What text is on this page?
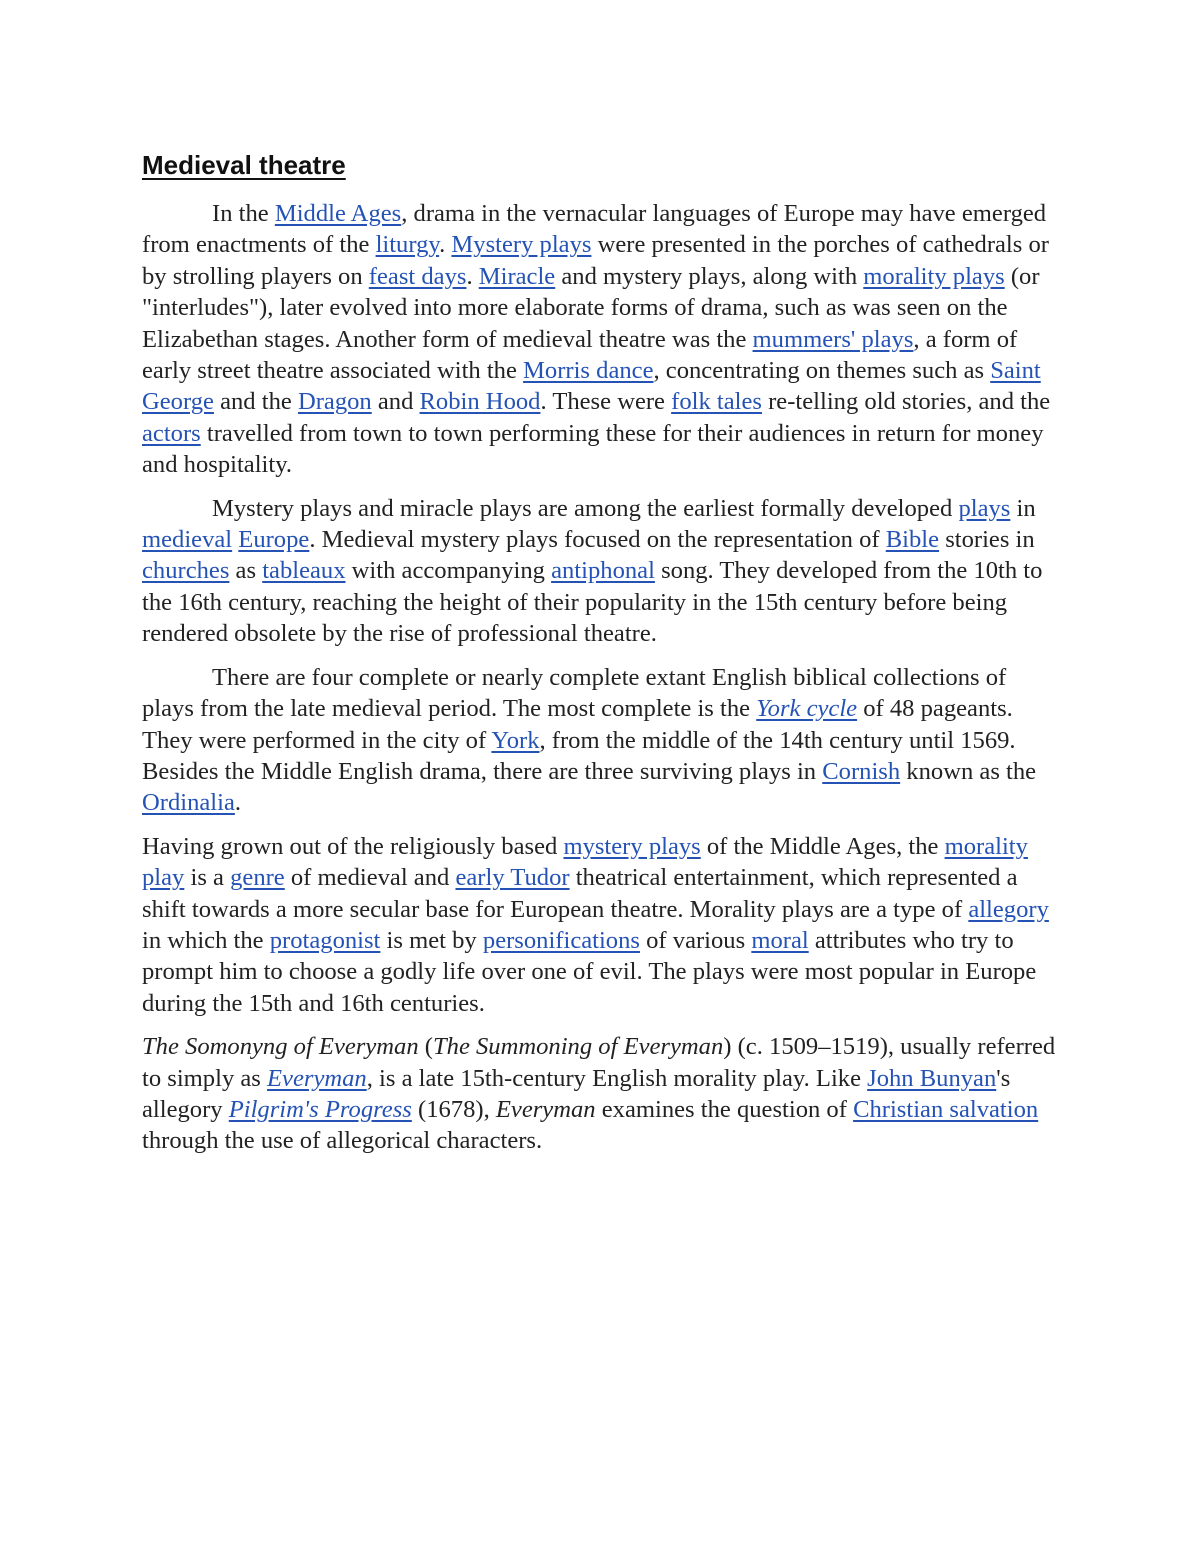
Medieval theatre

In the Middle Ages, drama in the vernacular languages of Europe may have emerged from enactments of the liturgy. Mystery plays were presented in the porches of cathedrals or by strolling players on feast days. Miracle and mystery plays, along with morality plays (or "interludes"), later evolved into more elaborate forms of drama, such as was seen on the Elizabethan stages. Another form of medieval theatre was the mummers' plays, a form of early street theatre associated with the Morris dance, concentrating on themes such as Saint George and the Dragon and Robin Hood. These were folk tales re-telling old stories, and the actors travelled from town to town performing these for their audiences in return for money and hospitality.

Mystery plays and miracle plays are among the earliest formally developed plays in medieval Europe. Medieval mystery plays focused on the representation of Bible stories in churches as tableaux with accompanying antiphonal song. They developed from the 10th to the 16th century, reaching the height of their popularity in the 15th century before being rendered obsolete by the rise of professional theatre.

There are four complete or nearly complete extant English biblical collections of plays from the late medieval period. The most complete is the York cycle of 48 pageants. They were performed in the city of York, from the middle of the 14th century until 1569. Besides the Middle English drama, there are three surviving plays in Cornish known as the Ordinalia.

Having grown out of the religiously based mystery plays of the Middle Ages, the morality play is a genre of medieval and early Tudor theatrical entertainment, which represented a shift towards a more secular base for European theatre. Morality plays are a type of allegory in which the protagonist is met by personifications of various moral attributes who try to prompt him to choose a godly life over one of evil. The plays were most popular in Europe during the 15th and 16th centuries.

The Somonyng of Everyman (The Summoning of Everyman) (c. 1509–1519), usually referred to simply as Everyman, is a late 15th-century English morality play. Like John Bunyan's allegory Pilgrim's Progress (1678), Everyman examines the question of Christian salvation through the use of allegorical characters.
